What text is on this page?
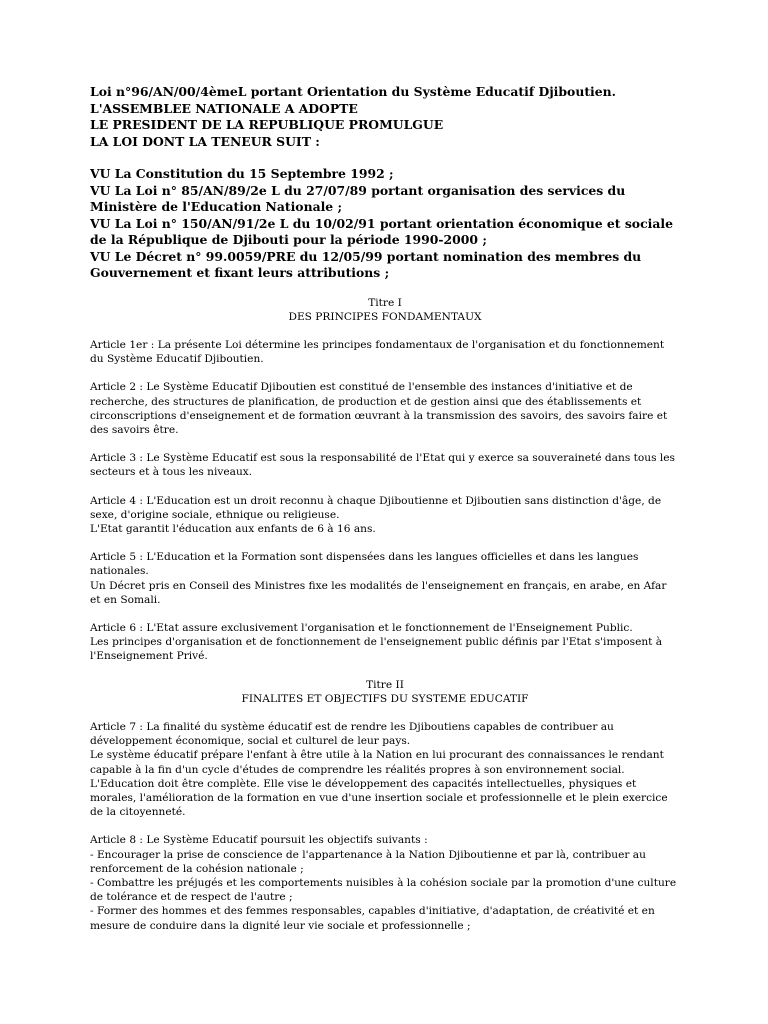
Loi n°96/AN/00/4èmeL portant Orientation du Système Educatif Djiboutien.

L'ASSEMBLEE NATIONALE A ADOPTE

LE PRESIDENT DE LA REPUBLIQUE PROMULGUE

LA LOI DONT LA TENEUR SUIT :

VU La Constitution du 15 Septembre 1992 ;

VU La Loi n° 85/AN/89/2e L du 27/07/89 portant organisation des services du Ministère de l'Education Nationale ;

VU La Loi n° 150/AN/91/2e L du 10/02/91 portant orientation économique et sociale de la République de Djibouti pour la période 1990-2000 ;

VU Le Décret n° 99.0059/PRE du 12/05/99 portant nomination des membres du Gouvernement et fixant leurs attributions ;

Titre I

DES PRINCIPES FONDAMENTAUX

Article 1er : La présente Loi détermine les principes fondamentaux de l'organisation et du fonctionnement du Système Educatif Djiboutien.

Article 2 : Le Système Educatif Djiboutien est constitué de l'ensemble des instances d'initiative et de recherche, des structures de planification, de production et de gestion ainsi que des établissements et circonscriptions d'enseignement et de formation œuvrant à la transmission des savoirs, des savoirs faire et des savoirs être.

Article 3 : Le Système Educatif est sous la responsabilité de l'Etat qui y exerce sa souveraineté dans tous les secteurs et à tous les niveaux.

Article 4 : L'Education est un droit reconnu à chaque Djiboutienne et Djiboutien sans distinction d'âge, de sexe, d'origine sociale, ethnique ou religieuse.

L'Etat garantit l'éducation aux enfants de 6 à 16 ans.

Article 5 : L'Education et la Formation sont dispensées dans les langues officielles et dans les langues nationales.

Un Décret pris en Conseil des Ministres fixe les modalités de l'enseignement en français, en arabe, en Afar et en Somali.

Article 6 : L'Etat assure exclusivement l'organisation et le fonctionnement de l'Enseignement Public.

Les principes d'organisation et de fonctionnement de l'enseignement public définis par l'Etat s'imposent à l'Enseignement Privé.

Titre II

FINALITES ET OBJECTIFS DU SYSTEME EDUCATIF

Article 7 : La finalité du système éducatif est de rendre les Djiboutiens capables de contribuer au développement économique, social et culturel de leur pays.

Le système éducatif prépare l'enfant à être utile à la Nation en lui procurant des connaissances le rendant capable à la fin d'un cycle d'études de comprendre les réalités propres à son environnement social.

L'Education doit être complète. Elle vise le développement des capacités intellectuelles, physiques et morales, l'amélioration de la formation en vue d'une insertion sociale et professionnelle et le plein exercice de la citoyenneté.

Article 8 : Le Système Educatif poursuit les objectifs suivants :

- Encourager la prise de conscience de l'appartenance à la Nation Djiboutienne et par là, contribuer au renforcement de la cohésion nationale ;

- Combattre les préjugés et les comportements nuisibles à la cohésion sociale par la promotion d'une culture de tolérance et de respect de l'autre ;

- Former des hommes et des femmes responsables, capables d'initiative, d'adaptation, de créativité et en mesure de conduire dans la dignité leur vie sociale et professionnelle ;
